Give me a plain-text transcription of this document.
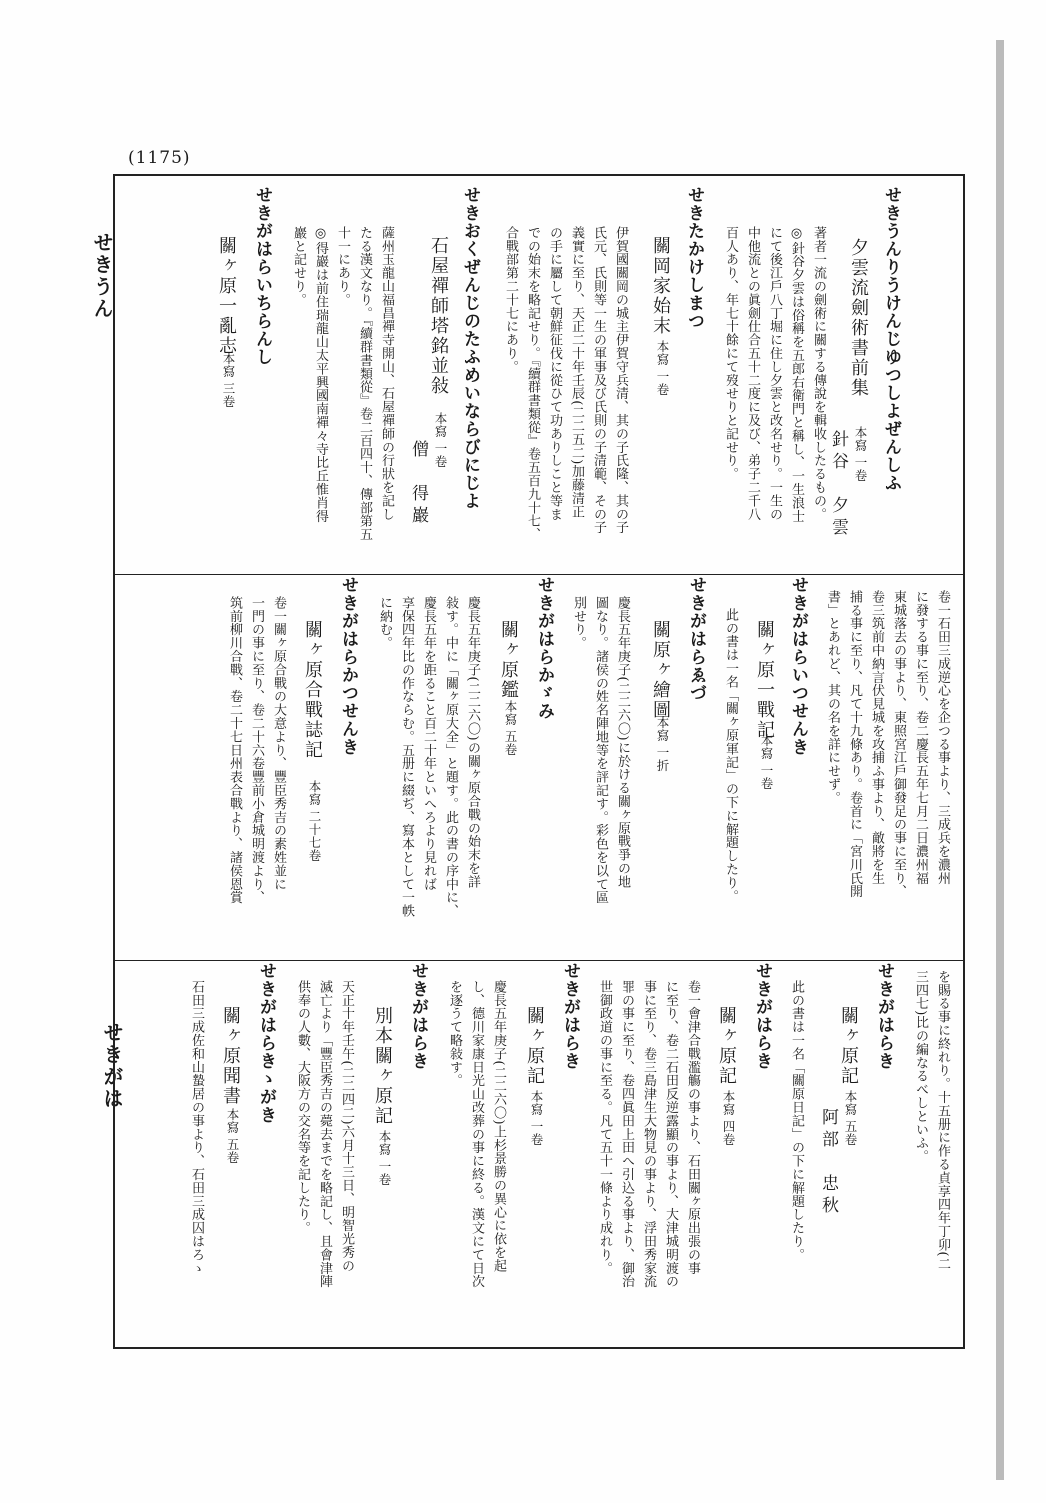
(1175)
せきうん
せきがは
せきうんりうけんじゆつしよぜんしふ
夕雲流劍術書前集
本寫 一卷
針谷　夕雲
著者一流の劍術に關する傳說を輯收したるもの。
◎針谷夕雲は俗稱を五郎右衛門と稱し、一生浪士
にて後江戶八丁堀に住し夕雲と改名せり。一生の
中他流との眞劍仕合五十二度に及び、弟子二千八
百人あり、年七十餘にて歿せりと記せり。
せきたかけしまつ
關岡家始末
本寫 一卷
伊賀國關岡の城主伊賀守兵清、其の子氏隆、其の子
氏元、氏則等一生の軍事及び氏則の子清範、その子
義實に至り、天正二十年壬辰(二二五二)加藤清正
の手に屬して朝鮮征伐に從ひて功ありしこと等ま
での始末を略記せり。『續群書類從』卷五百九十七、
合戰部第二十七にあり。
せきおくぜんじのたふめいならびにじよ
石屋禪師塔銘並敍
本寫 一卷
僧　得巖
薩州玉龍山福昌禪寺開山、石屋禪師の行狀を記し
たる漢文なり。『續群書類從』卷二百四十、傳部第五
十一にあり。
◎得巖は前住瑞龍山太平興國南禪々寺比丘惟肖得
巖と記せり。
せきがはらいちらんし
關ヶ原一亂志
本寫 三卷
卷一石田三成逆心を企つる事より、三成兵を濃州
に發する事に至り、卷二慶長五年七月二日濃州福
東城落去の事より、東照宮江戶御發足の事に至り、
卷三筑前中納言伏見城を攻捕ふ事より、敵將を生
捕る事に至り、凡て十九條あり。卷首に「宮川氏開
書」とあれど、其の名を詳にせず。
せきがはらいつせんき
關ヶ原一戰記
本寫 一卷
此の書は一名「關ヶ原軍記」の下に解題したり。
せきがはらゑづ
關原ヶ繪圖
本寫 一折
慶長五年庚子(二二六〇)に於ける關ヶ原戰爭の地
圖なり。諸侯の姓名陣地等を評記す。彩色を以て區
別せり。
せきがはらかゞみ
關ヶ原鑑
本寫 五卷
慶長五年庚子(二二六〇)の關ヶ原合戰の始末を詳
敍す。中に「關ヶ原大全」と題す。此の書の序中に、
慶長五年を距ること百二十年といへろより見れば
享保四年比の作ならむ。五册に綴ぢ、寫本として一帙
に納む。
せきがはらかつせんき
關ヶ原合戰誌記
本寫 二十七卷
卷一關ヶ原合戰の大意より、豐臣秀吉の素姓並に
一門の事に至り、卷二十六卷豐前小倉城明渡より、
筑前柳川合戰、卷二十七日州表合戰より、諸侯恩賞
を賜る事に終れり。十五册に作る貞享四年丁卯(二
三四七)比の編なるべしといふ。
せきがはらき
關ヶ原記
本寫 五卷
阿部　忠秋
此の書は一名「關原日記」の下に解題したり。
せきがはらき
關ヶ原記
本寫 四卷
卷一會津合戰濫觴の事より、石田關ヶ原出張の事
に至り、卷二石田反逆露顯の事より、大津城明渡の
事に至り、卷三島津生大物見の事より、浮田秀家流
罪の事に至り、卷四眞田上田へ引込る事より、御治
世御政道の事に至る。凡て五十一條より成れり。
せきがはらき
關ヶ原記
本寫 一卷
慶長五年庚子(二二六〇)上杉景勝の異心に依を起
し、德川家康日光山改葬の事に終る。漢文にて日次
を逐うて略敍す。
せきがはらき
別本關ヶ原記
本寫 一卷
天正十年壬午(二二四二)六月十三日、明智光秀の
滅亡より「豐臣秀吉の薨去までを略記し、且會津陣
供奉の人數、大阪方の交名等を記したり。
せきがはらきゝがき
關ヶ原聞書
本寫 五卷
石田三成佐和山蟄居の事より、石田三成囚はろゝ
